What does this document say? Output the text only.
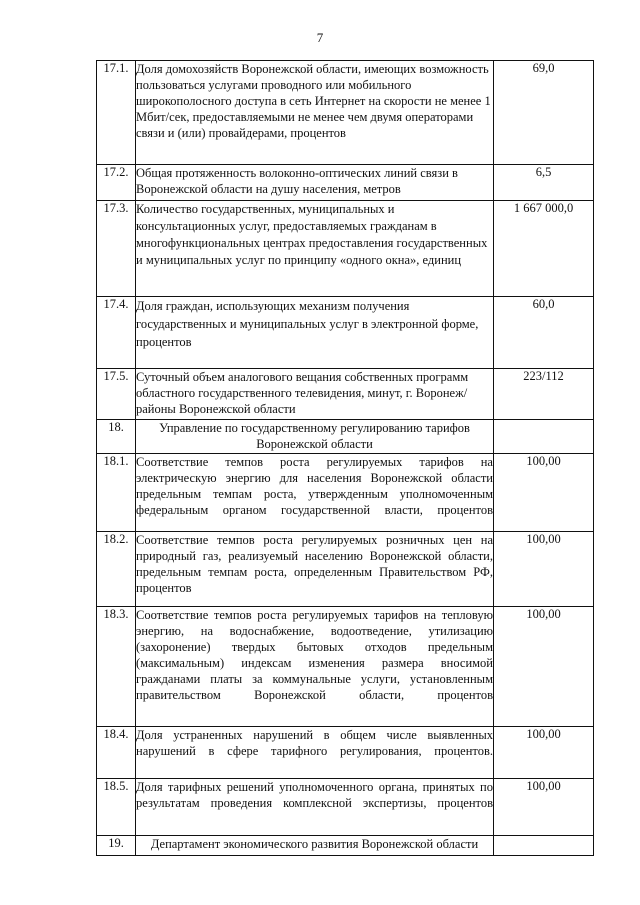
7
17.1.	Доля домохозяйств Воронежской области, имеющих возможность пользоваться услугами проводного или мобильного широкополосного доступа в сеть Интернет на скорости не менее 1 Мбит/сек, предоставляемыми не менее чем двумя операторами связи и (или) провайдерами, процентов	69,0
17.2.	Общая протяженность волоконно-оптических линий связи в Воронежской области на душу населения, метров	6,5
17.3.	Количество государственных, муниципальных и консультационных услуг, предоставляемых гражданам в многофункциональных центрах предоставления государственных и муниципальных услуг по принципу «одного окна», единиц	1 667 000,0
17.4.	Доля граждан, использующих механизм получения государственных и муниципальных услуг в электронной форме, процентов	60,0
17.5.	Суточный объем аналогового вещания собственных программ областного государственного телевидения, минут, г. Воронеж/районы Воронежской области	223/112
18.	Управление по государственному регулированию тарифов Воронежской области	
18.1.	Соответствие темпов роста регулируемых тарифов на электрическую энергию для населения Воронежской области предельным темпам роста, утвержденным уполномоченным федеральным органом государственной власти, процентов	100,00
18.2.	Соответствие темпов роста регулируемых розничных цен на природный газ, реализуемый населению Воронежской области, предельным темпам роста, определенным Правительством РФ, процентов	100,00
18.3.	Соответствие темпов роста регулируемых тарифов на тепловую энергию, на водоснабжение, водоотведение, утилизацию (захоронение) твердых бытовых отходов предельным (максимальным) индексам изменения размера вносимой гражданами платы за коммунальные услуги, установленным правительством Воронежской области, процентов	100,00
18.4.	Доля устраненных нарушений в общем числе выявленных нарушений в сфере тарифного регулирования, процентов.	100,00
18.5.	Доля тарифных решений уполномоченного органа, принятых по результатам проведения комплексной экспертизы, процентов	100,00
19.	Департамент экономического развития Воронежской области	
